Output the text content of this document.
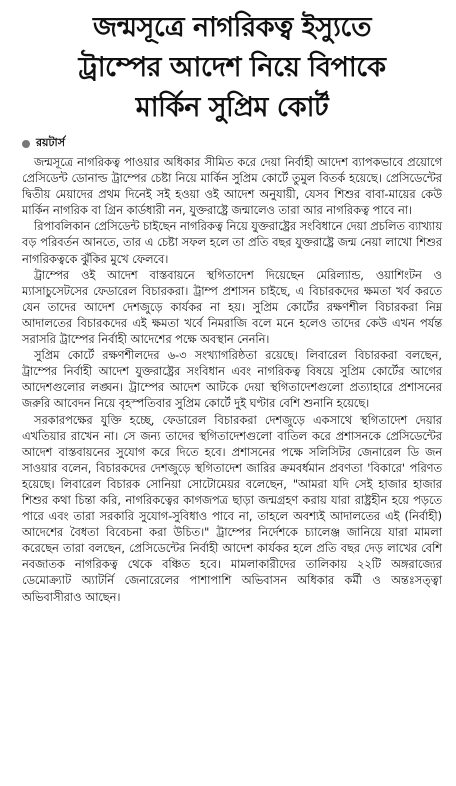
জন্মসূত্রে নাগরিকত্ব ইস্যুতে
ট্রাম্পের আদেশ নিয়ে বিপাকে
মার্কিন সুপ্রিম কোর্ট
রয়টার্স

জন্মসূত্রে নাগরিকত্ব পাওয়ার অধিকার সীমিত করে দেয়া নির্বাহী আদেশ ব্যাপকভাবে প্রয়োগে প্রেসিডেন্ট ডোনাল্ড ট্রাম্পের চেষ্টা নিয়ে মার্কিন সুপ্রিম কোর্টে তুমুল বিতর্ক হয়েছে। প্রেসিডেন্টের দ্বিতীয় মেয়াদের প্রথম দিনেই সই হওয়া ওই আদেশ অনুযায়ী, যেসব শিশুর বাবা-মায়ের কেউ মার্কিন নাগরিক বা গ্রিন কার্ডধারী নন, যুক্তরাষ্ট্রে জন্মালেও তারা আর নাগরিকত্ব পাবে না।

রিপাবলিকান প্রেসিডেন্ট চাইছেন নাগরিকত্ব নিয়ে যুক্তরাষ্ট্রের সংবিধানে দেয়া প্রচলিত ব্যাখ্যায় বড় পরিবর্তন আনতে, তার এ চেষ্টা সফল হলে তা প্রতি বছর যুক্তরাষ্ট্রে জন্ম নেয়া লাখো শিশুর নাগরিকত্বকে ঝুঁকির মুখে ফেলবে।

ট্রাম্পের ওই আদেশ বাস্তবায়নে স্থগিতাদেশ দিয়েছেন মেরিল্যান্ড, ওয়াশিংটন ও ম্যাসাচুসেটসের ফেডারেল বিচারকরা। ট্রাম্প প্রশাসন চাইছে, এ বিচারকদের ক্ষমতা খর্ব করতে যেন তাদের আদেশ দেশজুড়ে কার্যকর না হয়। সুপ্রিম কোর্টের রক্ষণশীল বিচারকরা নিম্ন আদালতের বিচারকদের এই ক্ষমতা খর্বে নিমরাজি বলে মনে হলেও তাদের কেউ এখন পর্যন্ত সরাসরি ট্রাম্পের নির্বাহী আদেশের পক্ষে অবস্থান নেননি।

সুপ্রিম কোর্টে রক্ষণশীলদের ৬-৩ সংখ্যাগরিষ্ঠতা রয়েছে। লিবারেল বিচারকরা বলছেন, ট্রাম্পের নির্বাহী আদেশ যুক্তরাষ্ট্রের সংবিধান এবং নাগরিকত্ব বিষয়ে সুপ্রিম কোর্টের আগের আদেশগুলোর লঙ্ঘন। ট্রাম্পের আদেশ আটকে দেয়া স্থগিতাদেশগুলো প্রত্যাহারে প্রশাসনের জরুরি আবেদন নিয়ে বৃহস্পতিবার সুপ্রিম কোর্টে দুই ঘণ্টার বেশি শুনানি হয়েছে।

সরকারপক্ষের যুক্তি হচ্ছে, ফেডারেল বিচারকরা দেশজুড়ে একসাথে স্থগিতাদেশ দেয়ার এখতিয়ার রাখেন না। সে জন্য তাদের স্থগিতাদেশগুলো বাতিল করে প্রশাসনকে প্রেসিডেন্টের আদেশ বাস্তবায়নের সুযোগ করে দিতে হবে। প্রশাসনের পক্ষে সলিসিটর জেনারেল ডি জন সাওয়ার বলেন, বিচারকদের দেশজুড়ে স্থগিতাদেশ জারির ক্রমবর্ধমান প্রবণতা 'বিকারে' পরিণত হয়েছে। লিবারেল বিচারক সোনিয়া সোটোমেয়র বলেছেন, "আমরা যদি সেই হাজার হাজার শিশুর কথা চিন্তা করি, নাগরিকত্বের কাগজপত্র ছাড়া জন্মগ্রহণ করায় যারা রাষ্ট্রহীন হয়ে পড়তে পারে এবং তারা সরকারি সুযোগ-সুবিধাও পাবে না, তাহলে অবশ্যই আদালতের এই (নির্বাহী) আদেশের বৈধতা বিবেচনা করা উচিত।" ট্রাম্পের নির্দেশকে চ্যালেঞ্জ জানিয়ে যারা মামলা করেছেন তারা বলছেন, প্রেসিডেন্টের নির্বাহী আদেশ কার্যকর হলে প্রতি বছর দেড় লাখের বেশি নবজাতক নাগরিকত্ব থেকে বঞ্চিত হবে। মামলাকারীদের তালিকায় ২২টি অঙ্গরাজ্যের ডেমোক্র্যাট অ্যাটর্নি জেনারেলের পাশাপাশি অভিবাসন অধিকার কর্মী ও অন্তঃসত্ত্বা অভিবাসীরাও আছেন।
